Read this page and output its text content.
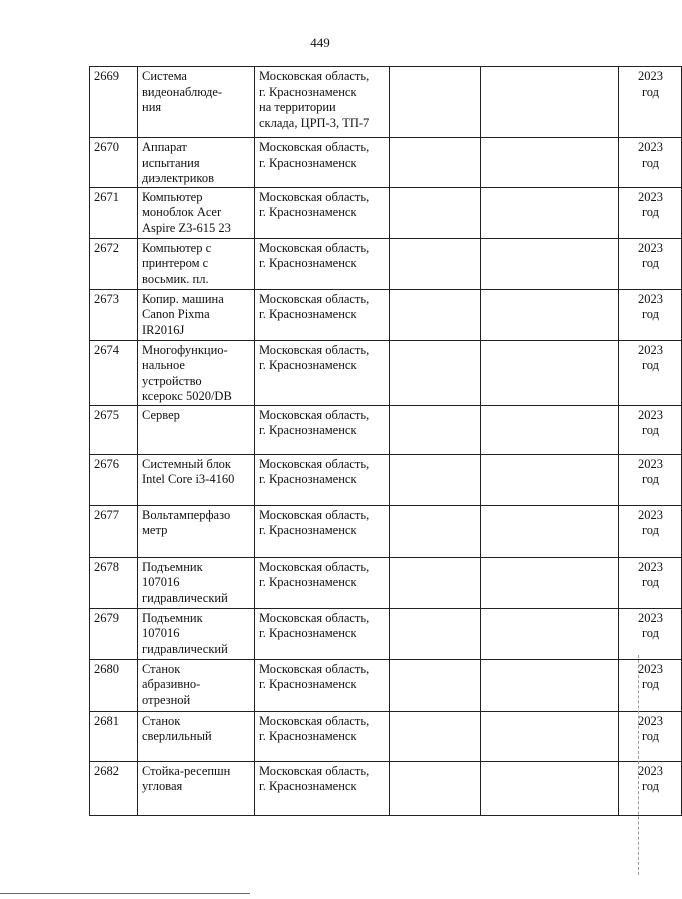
449
2669	Система
видеонаблюде-
ния	Московская область,
г. Краснознаменск
на территории
склада, ЦРП-3, ТП-7			2023
год

2670	Аппарат
испытания
диэлектриков	Московская область,
г. Краснознаменск			2023
год

2671	Компьютер
моноблок Acer
Aspire Z3-615 23	Московская область,
г. Краснознаменск			2023
год

2672	Компьютер с
принтером с
восьмик. пл.	Московская область,
г. Краснознаменск			2023
год

2673	Копир. машина
Canon Pixma
IR2016J	Московская область,
г. Краснознаменск			2023
год

2674	Многофункцио-
нальное
устройство
ксерокс 5020/DB	Московская область,
г. Краснознаменск			2023
год

2675	Сервер	Московская область,
г. Краснознаменск			2023
год

2676	Системный блок
Intel Core i3-4160	Московская область,
г. Краснознаменск			2023
год

2677	Вольтамперфазо
метр	Московская область,
г. Краснознаменск			2023
год

2678	Подъемник
107016
гидравлический	Московская область,
г. Краснознаменск			2023
год

2679	Подъемник
107016
гидравлический	Московская область,
г. Краснознаменск			2023
год

2680	Станок
абразивно-
отрезной	Московская область,
г. Краснознаменск			2023
год

2681	Станок
сверлильный	Московская область,
г. Краснознаменск			2023
год

2682	Стойка-ресепшн
угловая	Московская область,
г. Краснознаменск			2023
год
